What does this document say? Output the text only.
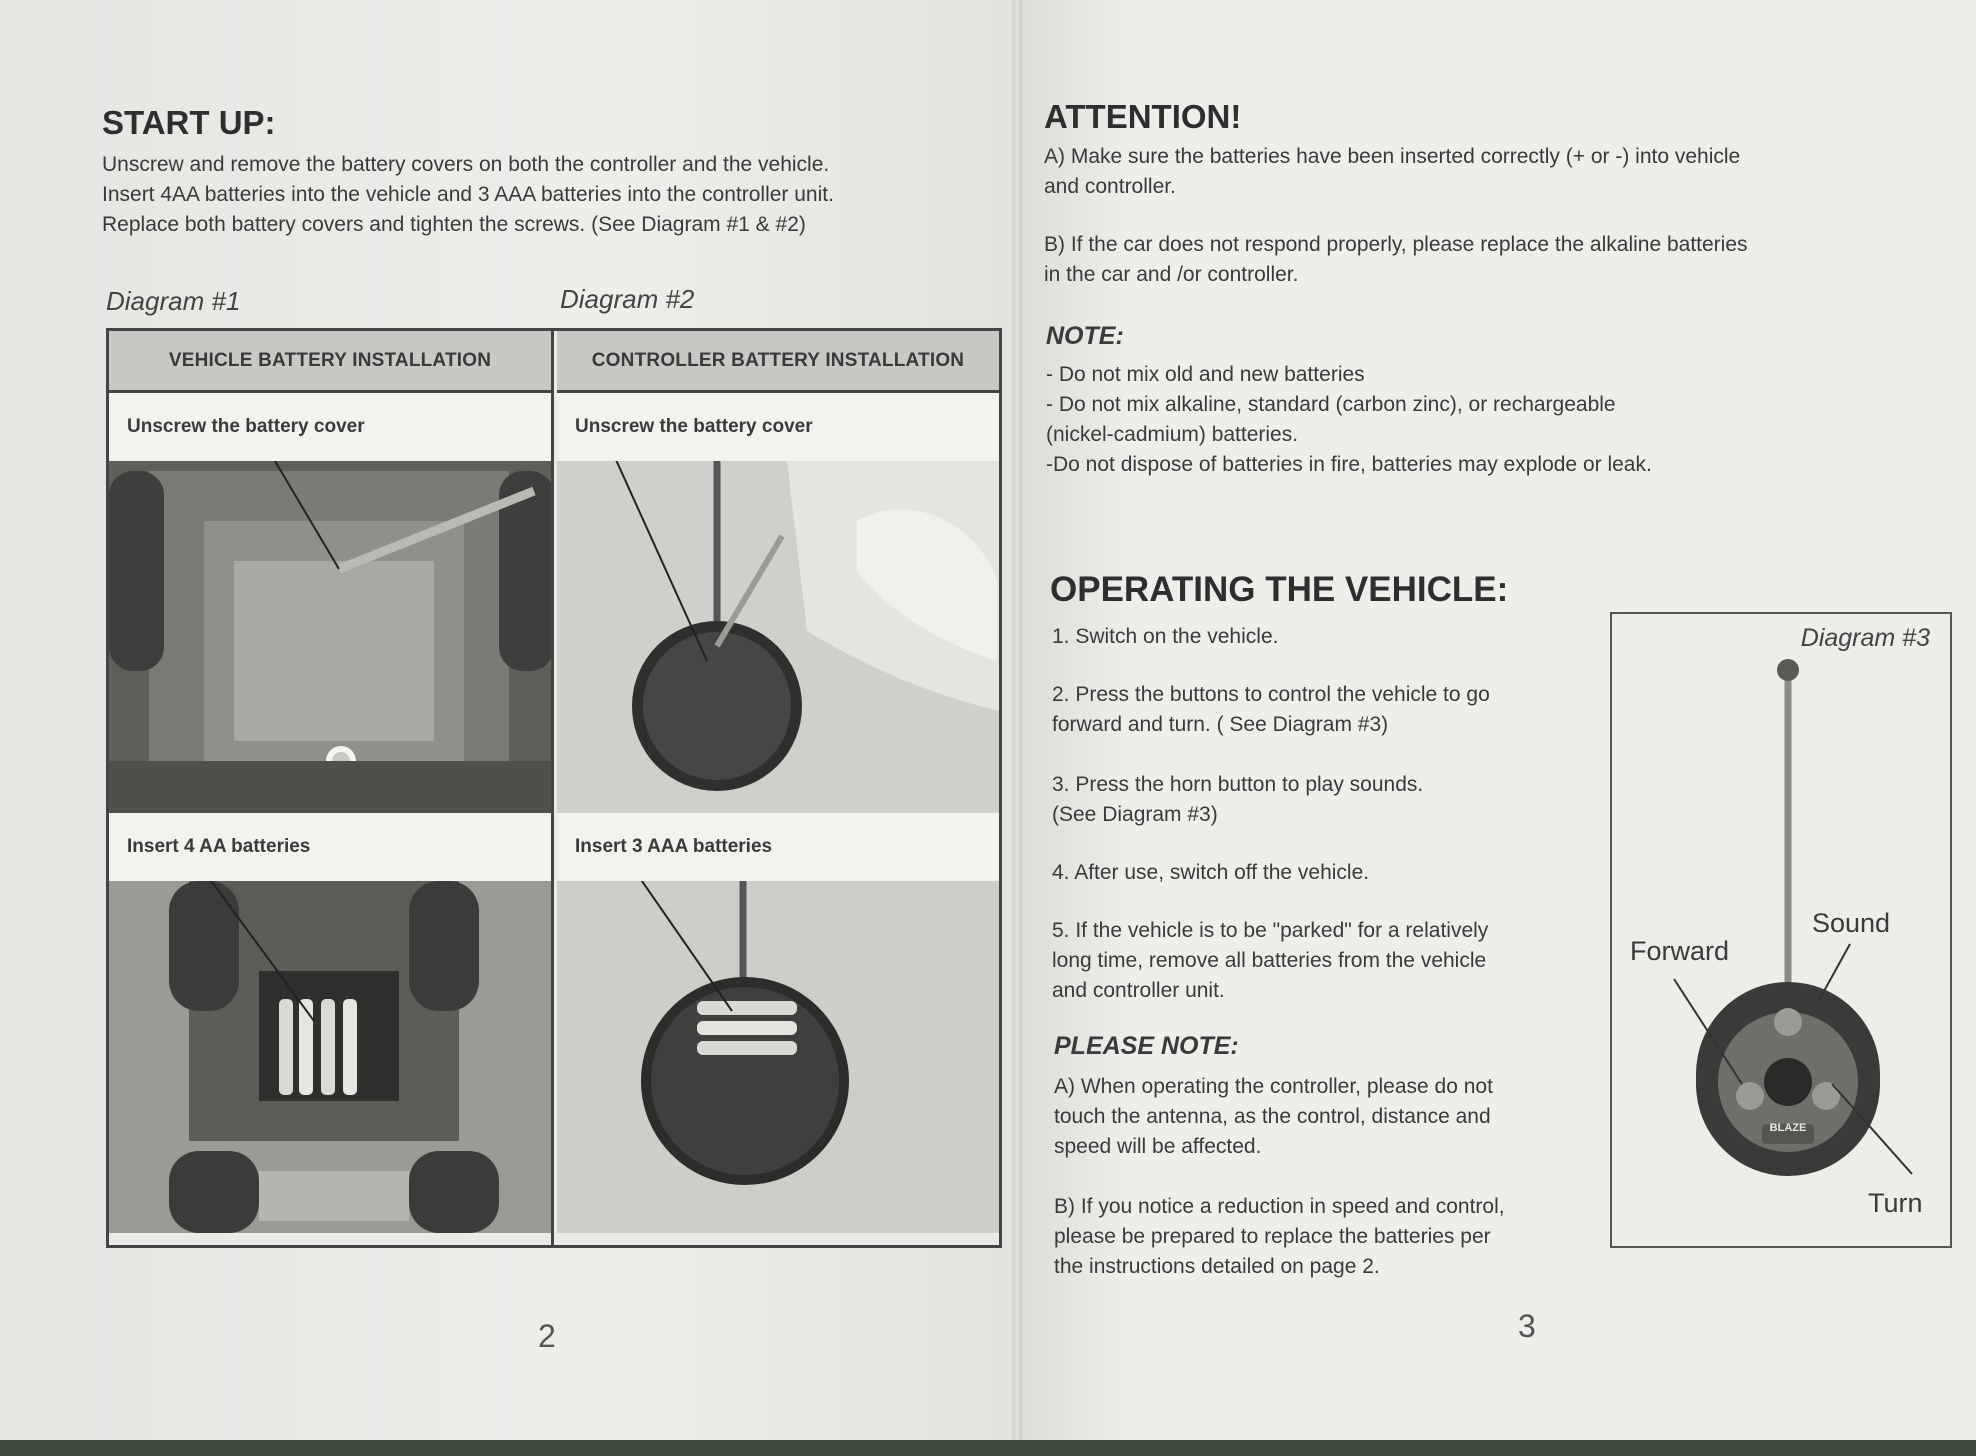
START UP:
Unscrew and remove the battery covers on both the controller and the vehicle.
Insert 4AA batteries into the vehicle and 3 AAA batteries into the controller unit.
Replace both battery covers and tighten the screws. (See Diagram #1 & #2)
Diagram #1	Diagram #2
VEHICLE BATTERY INSTALLATION
Unscrew the battery cover
Insert 4 AA batteries
CONTROLLER BATTERY INSTALLATION
Unscrew the battery cover
Insert 3 AAA batteries
2
ATTENTION!
A) Make sure the batteries have been inserted correctly (+ or -) into vehicle
and controller.
B) If the car does not respond properly, please replace the alkaline batteries
in the car and /or controller.
NOTE:
- Do not mix old and new batteries
- Do not mix alkaline, standard (carbon zinc), or rechargeable
(nickel-cadmium) batteries.
-Do not dispose of batteries in fire, batteries may explode or leak.
OPERATING THE VEHICLE:
1. Switch on the vehicle.
2. Press the buttons to control the vehicle to go
forward and turn. ( See Diagram #3)
3. Press the horn button to play sounds.
(See Diagram #3)
4. After use, switch off the vehicle.
5. If the vehicle is to be "parked" for a relatively
long time, remove all batteries from the vehicle
and controller unit.
PLEASE NOTE:
A) When operating the controller, please do not
touch the antenna, as the control, distance and
speed will be affected.
B) If you notice a reduction in speed and control,
please be prepared to replace the batteries per
the instructions detailed on page 2.
Diagram #3
BLAZE
Forward
Sound
Turn
3
